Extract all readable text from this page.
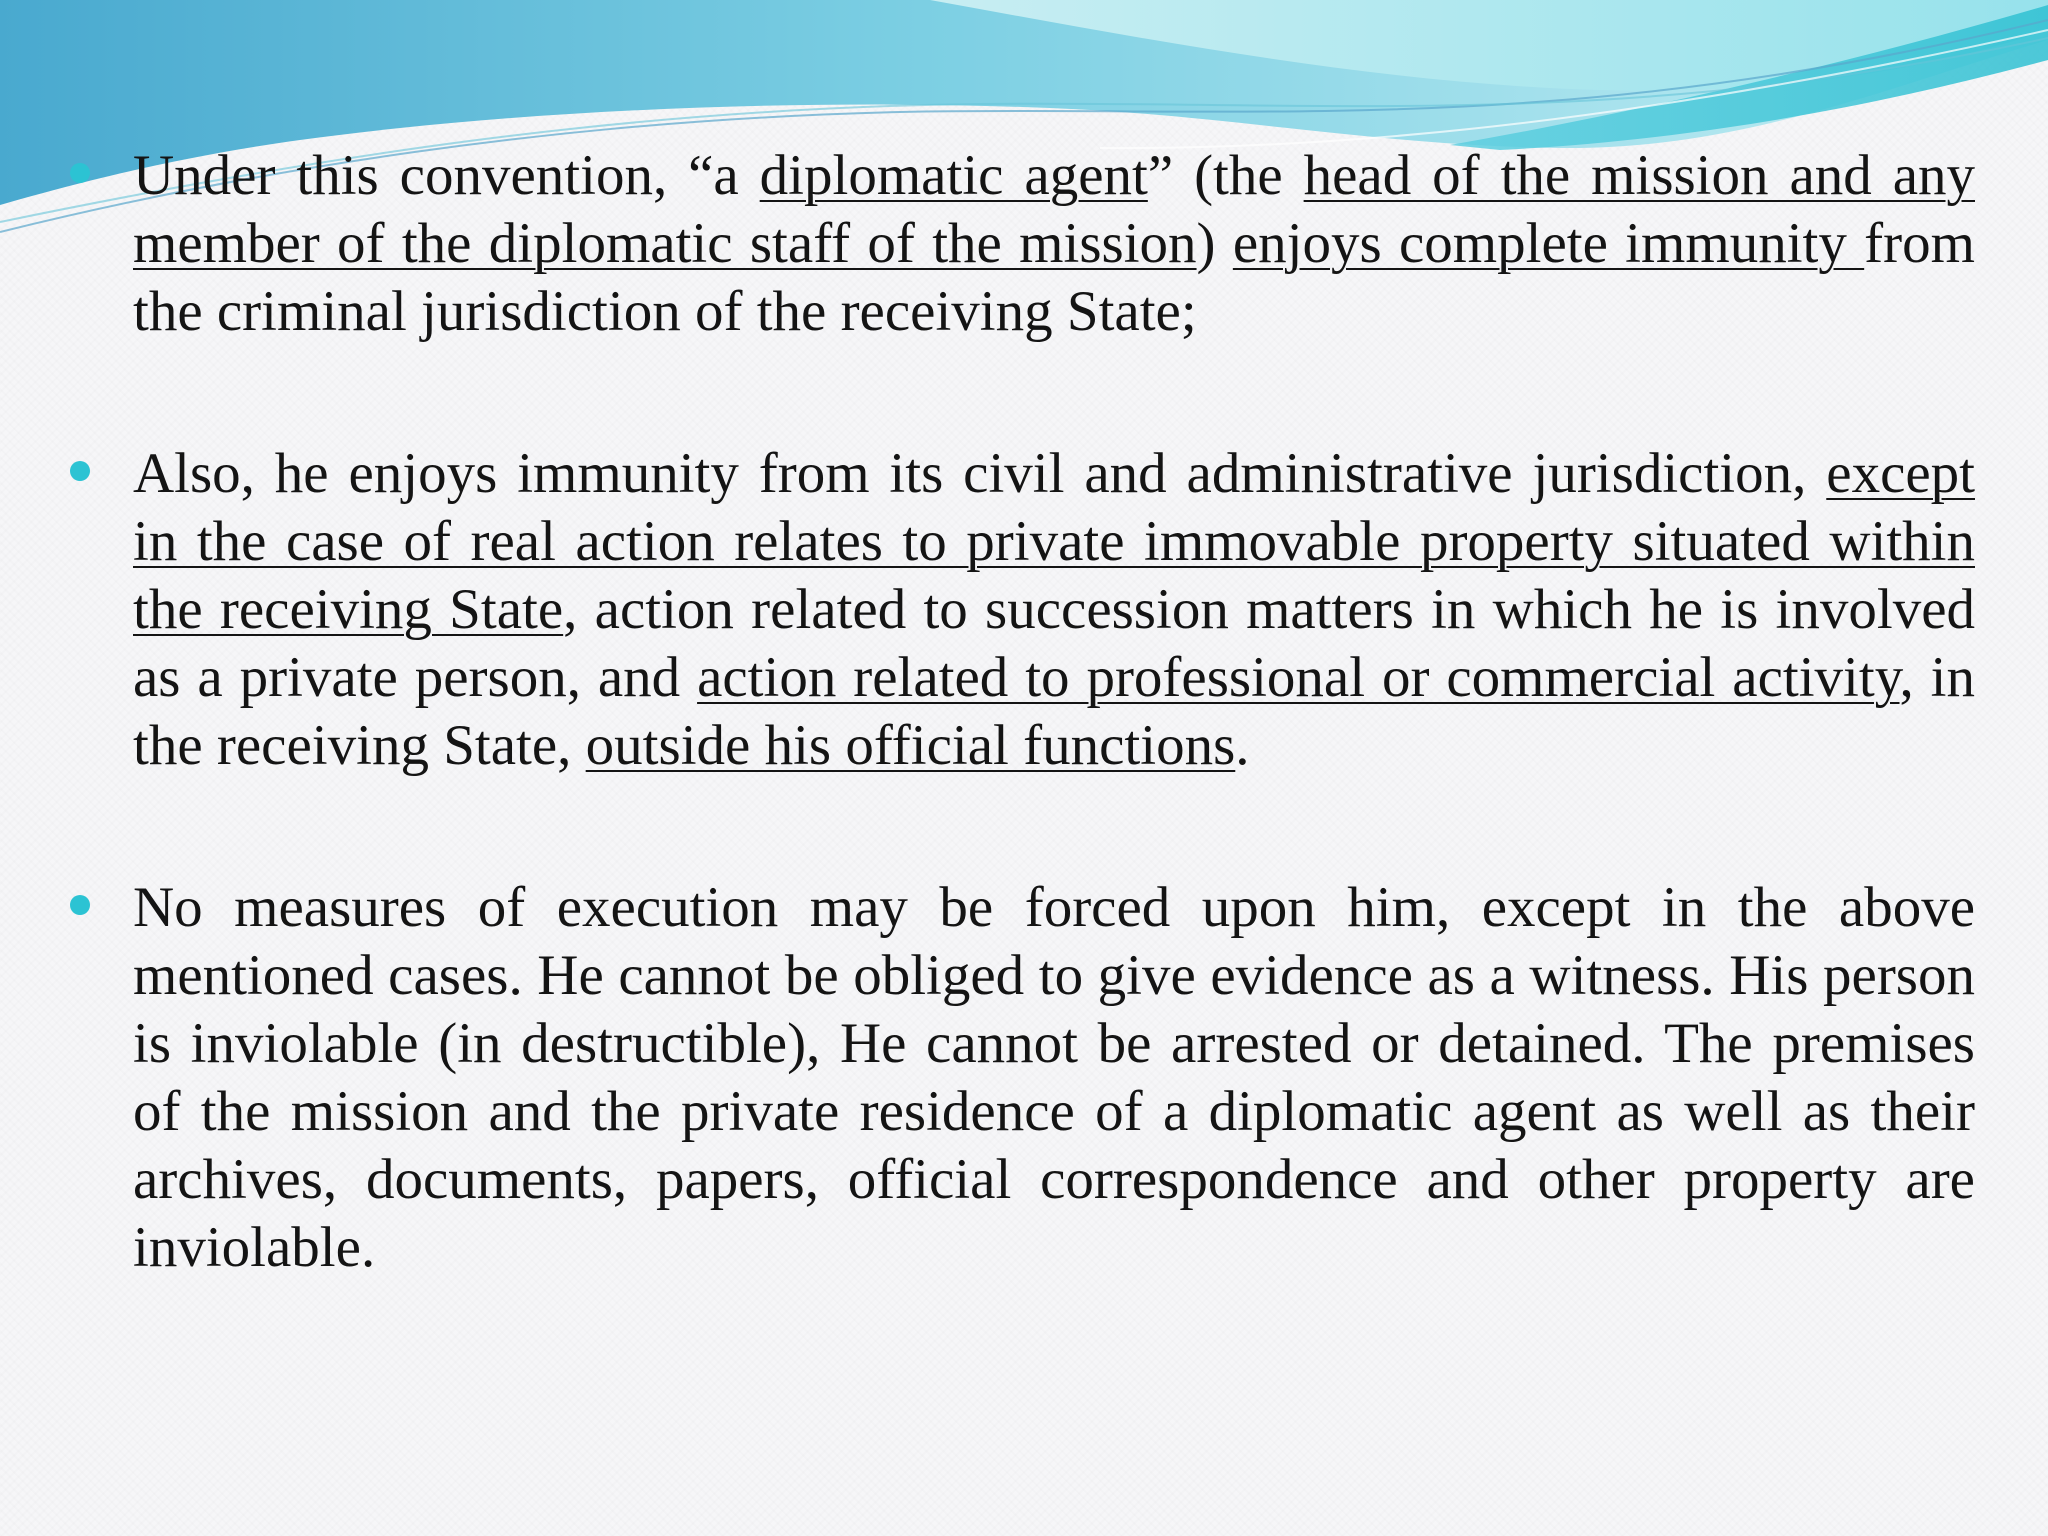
Under this convention, “a diplomatic agent” (the head of the mission and any member of the diplomatic staff of the mission) enjoys complete immunity from the criminal jurisdiction of the receiving State;
Also, he enjoys immunity from its civil and administrative jurisdiction, except in the case of real action relates to private immovable property situated within the receiving State, action related to succession matters in which he is involved as a private person, and action related to professional or commercial activity, in the receiving State, outside his official functions.
No measures of execution may be forced upon him, except in the above mentioned cases. He cannot be obliged to give evidence as a witness. His person is inviolable (in destructible), He cannot be arrested or detained. The premises of the mission and the private residence of a diplomatic agent as well as their archives, documents, papers, official correspondence and other property are inviolable.
